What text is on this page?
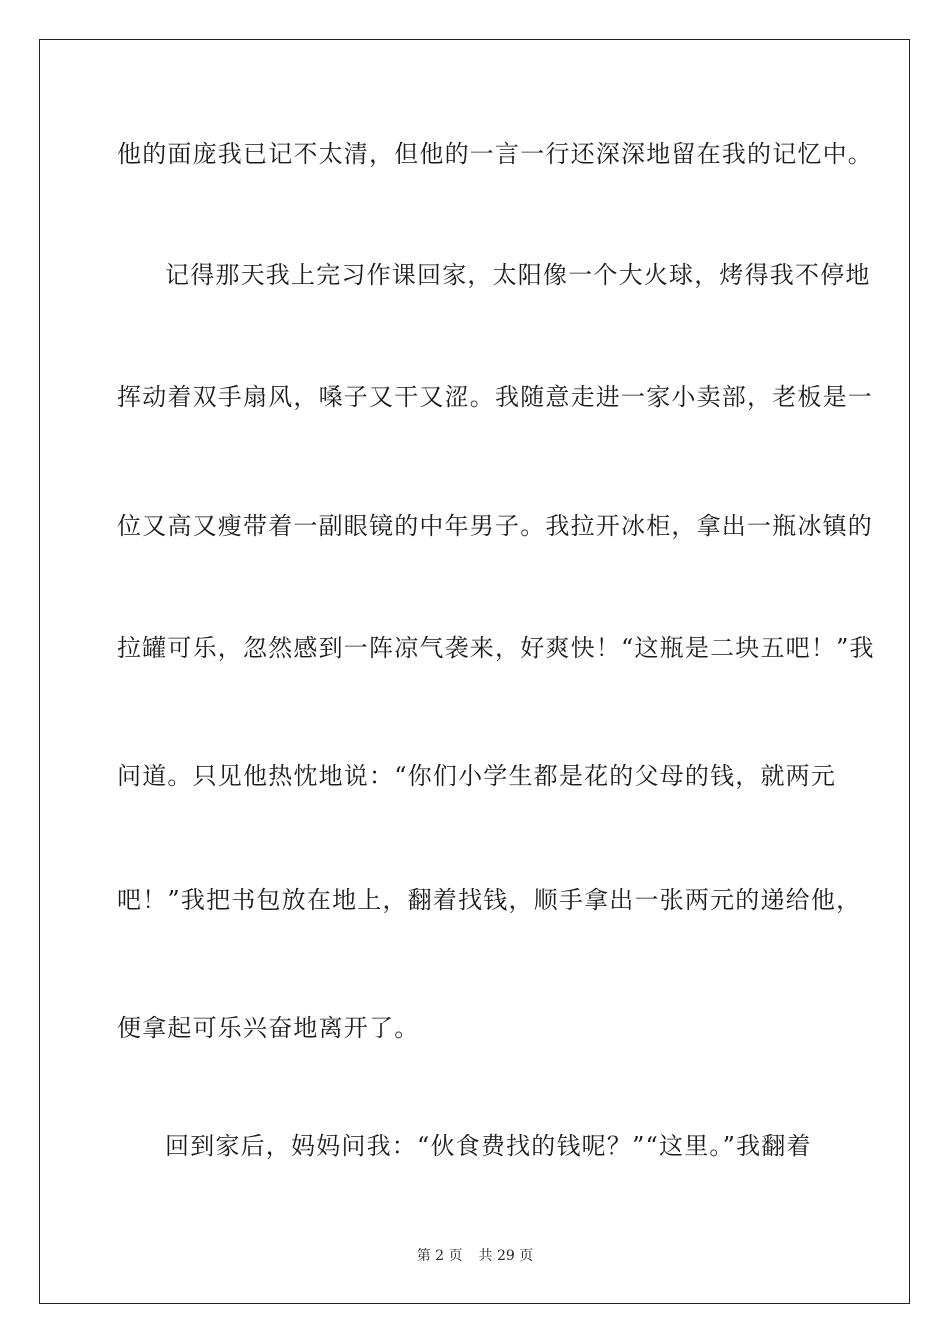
他的面庞我已记不太清，但他的一言一行还深深地留在我的记忆中。
记得那天我上完习作课回家，太阳像一个大火球，烤得我不停地
挥动着双手扇风，嗓子又干又涩。我随意走进一家小卖部，老板是一
位又高又瘦带着一副眼镜的中年男子。我拉开冰柜，拿出一瓶冰镇的
拉罐可乐，忽然感到一阵凉气袭来，好爽快！“这瓶是二块五吧！”我
问道。只见他热忱地说：“你们小学生都是花的父母的钱，就两元
吧！”我把书包放在地上，翻着找钱，顺手拿出一张两元的递给他，
便拿起可乐兴奋地离开了。
回到家后，妈妈问我：“伙食费找的钱呢？”“这里。”我翻着
第 2 页 共 29 页
